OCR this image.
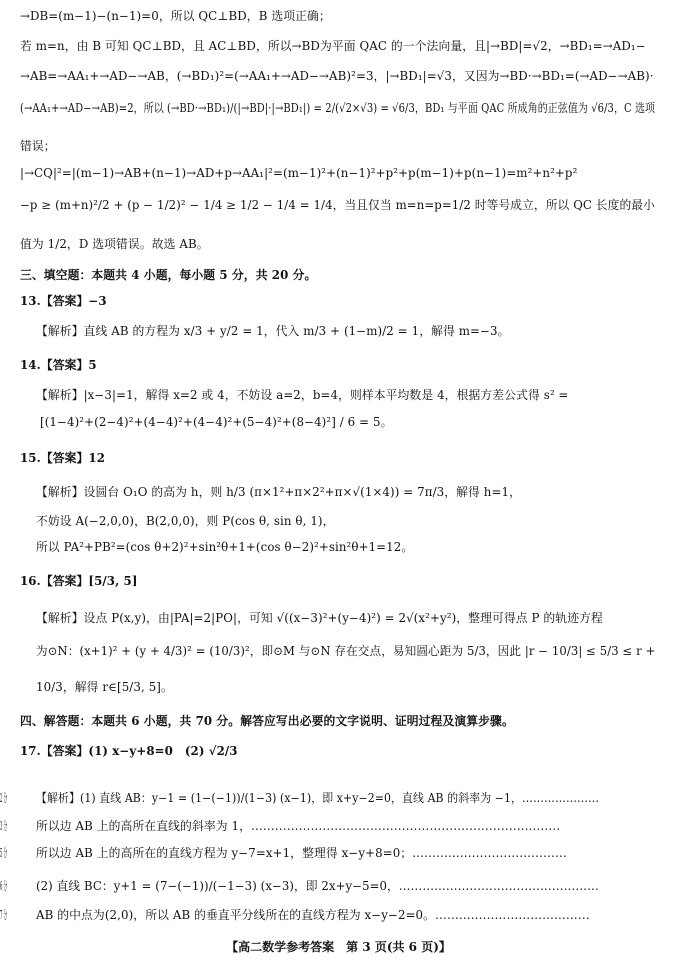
→DB=(m−1)−(n−1)=0，所以 QC⊥BD，B 选项正确；
若 m=n，由 B 可知 QC⊥BD，且 AC⊥BD，所以→BD为平面 QAC 的一个法向量，且|→BD|=√2，→BD₁=→AD₁−
→AB=→AA₁+→AD−→AB，(→BD₁)²=(→AA₁+→AD−→AB)²=3，|→BD₁|=√3，又因为→BD·→BD₁=(→AD−→AB)·
(→AA₁+→AD−→AB)=2，所以 (→BD·→BD₁)/(|→BD|·|→BD₁|) = 2/(√2×√3) = √6/3，BD₁ 与平面 QAC 所成角的正弦值为 √6/3，C 选项
错误；
|→CQ|²=|(m−1)→AB+(n−1)→AD+p→AA₁|²=(m−1)²+(n−1)²+p²+p(m−1)+p(n−1)=m²+n²+p²
−p ≥ (m+n)²/2 + (p − 1/2)² − 1/4 ≥ 1/2 − 1/4 = 1/4，当且仅当 m=n=p=1/2 时等号成立，所以 QC 长度的最小
值为 1/2，D 选项错误。故选 AB。
三、填空题：本题共 4 小题，每小题 5 分，共 20 分。
13.【答案】−3
【解析】直线 AB 的方程为 x/3 + y/2 = 1，代入 m/3 + (1−m)/2 = 1，解得 m=−3。
14.【答案】5
【解析】|x−3|=1，解得 x=2 或 4，不妨设 a=2，b=4，则样本平均数是 4，根据方差公式得 s² =
[(1−4)²+(2−4)²+(4−4)²+(4−4)²+(5−4)²+(8−4)²] / 6 = 5。
15.【答案】12
【解析】设圆台 O₁O 的高为 h，则 h/3 (π×1²+π×2²+π×√(1×4)) = 7π/3，解得 h=1，
不妨设 A(−2,0,0)，B(2,0,0)，则 P(cos θ, sin θ, 1)，
所以 PA²+PB²=(cos θ+2)²+sin²θ+1+(cos θ−2)²+sin²θ+1=12。
16.【答案】[5/3, 5]
【解析】设点 P(x,y)，由|PA|=2|PO|，可知 √((x−3)²+(y−4)²) = 2√(x²+y²)，整理可得点 P 的轨迹方程
为⊙N：(x+1)² + (y + 4/3)² = (10/3)²，即⊙M 与⊙N 存在交点，易知圆心距为 5/3，因此 |r − 10/3| ≤ 5/3 ≤ r +
10/3，解得 r∈[5/3, 5]。
四、解答题：本题共 6 小题，共 70 分。解答应写出必要的文字说明、证明过程及演算步骤。
17.【答案】(1) x−y+8=0　(2) √2/3
【解析】(1) 直线 AB：y−1 = (1−(−1))/(1−3) (x−1)，即 x+y−2=0，直线 AB 的斜率为 −1，…………………
所以边 AB 上的高所在直线的斜率为 1，……………………………………………………………………
所以边 AB 上的高所在的直线方程为 y−7=x+1，整理得 x−y+8=0；…………………………………
(2) 直线 BC：y+1 = (7−(−1))/(−1−3) (x−3)，即 2x+y−5=0，……………………………………………
AB 的中点为(2,0)，所以 AB 的垂直平分线所在的直线方程为 x−y−2=0。…………………………………
2 分
3 分
5 分
6 分
7 分
【高二数学参考答案　第 3 页(共 6 页)】
